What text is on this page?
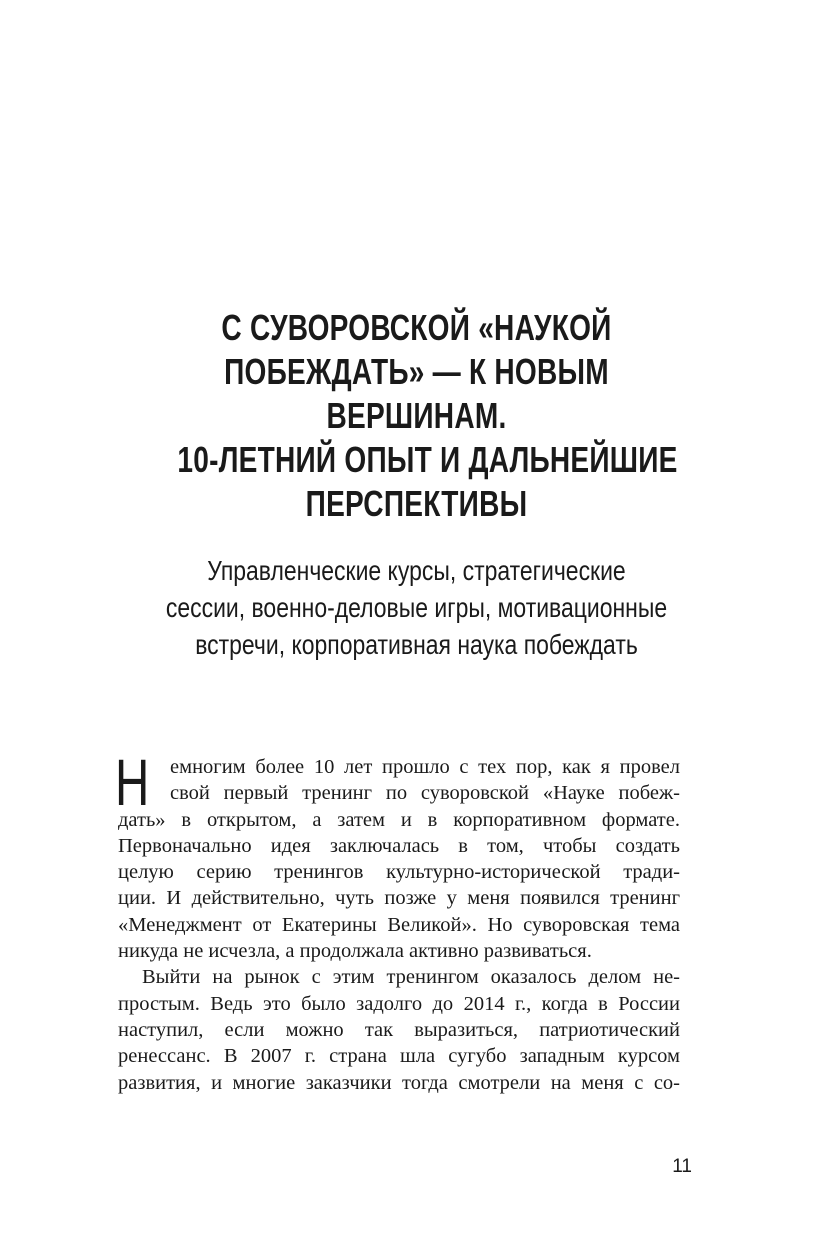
С СУВОРОВСКОЙ «НАУКОЙ
ПОБЕЖДАТЬ» — К НОВЫМ
ВЕРШИНАМ.
10-ЛЕТНИЙ ОПЫТ И ДАЛЬНЕЙШИЕ
ПЕРСПЕКТИВЫ
Управленческие курсы, стратегические
сессии, военно-деловые игры, мотивационные
встречи, корпоративная наука побеждать
Н	емногим более 10 лет прошло с тех пор, как я провел
свой первый тренинг по суворовской «Науке побеж-
дать» в открытом, а затем и в корпоративном формате.
Первоначально идея заключалась в том, чтобы создать
целую серию тренингов культурно-исторической тради-
ции. И действительно, чуть позже у меня появился тренинг
«Менеджмент от Екатерины Великой». Но суворовская тема
никуда не исчезла, а продолжала активно развиваться.
Выйти на рынок с этим тренингом оказалось делом не-
простым. Ведь это было задолго до 2014 г., когда в России
наступил, если можно так выразиться, патриотический
ренессанс. В 2007 г. страна шла сугубо западным курсом
развития, и многие заказчики тогда смотрели на меня с со-
11
